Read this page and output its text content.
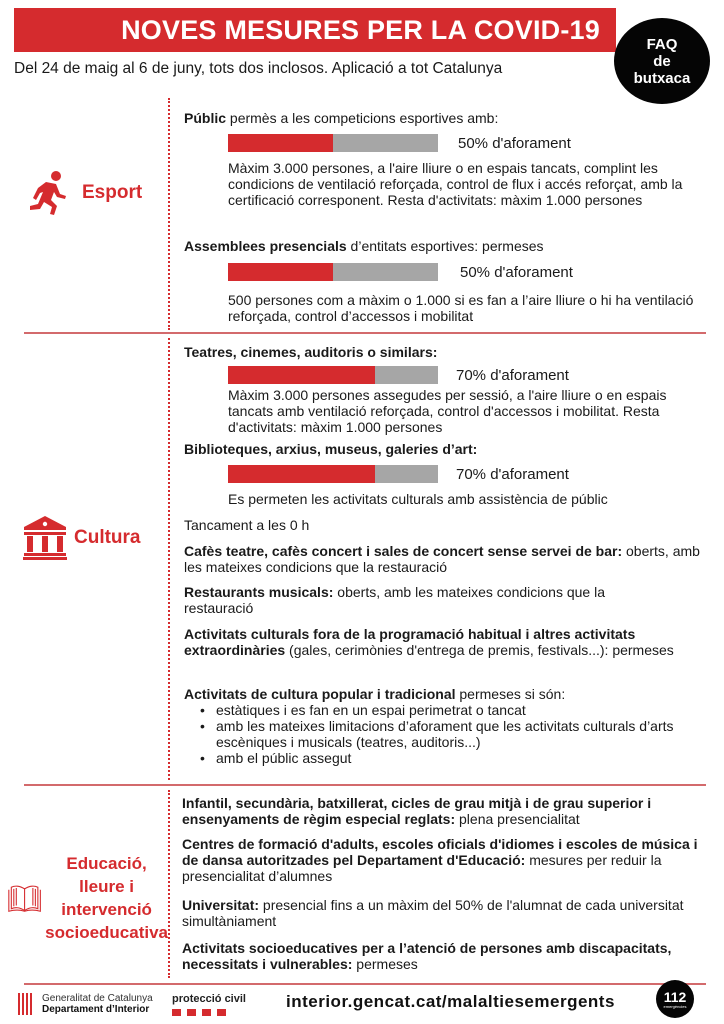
NOVES MESURES PER LA COVID-19	FAQ
de
butxaca
Del 24 de maig al 6 de juny, tots dos inclosos. Aplicació a tot Catalunya
Esport
Públic permès a les competicions esportives amb:
50% d'aforament
Màxim 3.000 persones, a l'aire lliure o en espais tancats, complint les condicions de ventilació reforçada, control de flux i accés reforçat, amb la certificació corresponent. Resta d'activitats: màxim 1.000 persones
Assemblees presencials d’entitats esportives: permeses
50% d'aforament
500 persones com a màxim o 1.000 si es fan a l’aire lliure o hi ha ventilació reforçada, control d’accessos i mobilitat
Cultura
Teatres, cinemes, auditoris o similars:
70% d'aforament
Màxim 3.000 persones assegudes per sessió, a l'aire lliure o en espais tancats amb ventilació reforçada, control d'accessos i mobilitat. Resta d'activitats: màxim 1.000 persones
Biblioteques, arxius, museus, galeries d’art:
70% d'aforament
Es permeten les activitats culturals amb assistència de públic
Tancament a les 0 h
Cafès teatre, cafès concert i sales de concert sense servei de bar: oberts, amb les mateixes condicions que la restauració
Restaurants musicals: oberts, amb les mateixes condicions que la restauració
Activitats culturals fora de la programació habitual i altres activitats extraordinàries (gales, cerimònies d'entrega de premis, festivals...): permeses
Activitats de cultura popular i tradicional permeses si són:
• estàtiques i es fan en un espai perimetrat o tancat
• amb les mateixes limitacions d’aforament que les activitats culturals d’arts escèniques i musicals (teatres, auditoris...)
• amb el públic assegut
Educació,
lleure i
intervenció
socioeducativa
Infantil, secundària, batxillerat, cicles de grau mitjà i de grau superior i ensenyaments de règim especial reglats: plena presencialitat
Centres de formació d'adults, escoles oficials d'idiomes i escoles de música i de dansa autoritzades pel Departament d'Educació: mesures per reduir la presencialitat d’alumnes
Universitat: presencial fins a un màxim del 50% de l'alumnat de cada universitat simultàniament
Activitats socioeducatives per a l’atenció de persones amb discapacitats, necessitats i vulnerables: permeses
Generalitat de Catalunya
Departament d’Interior
protecció civil interior.gencat.cat/malaltiesemergents	112
emergències
